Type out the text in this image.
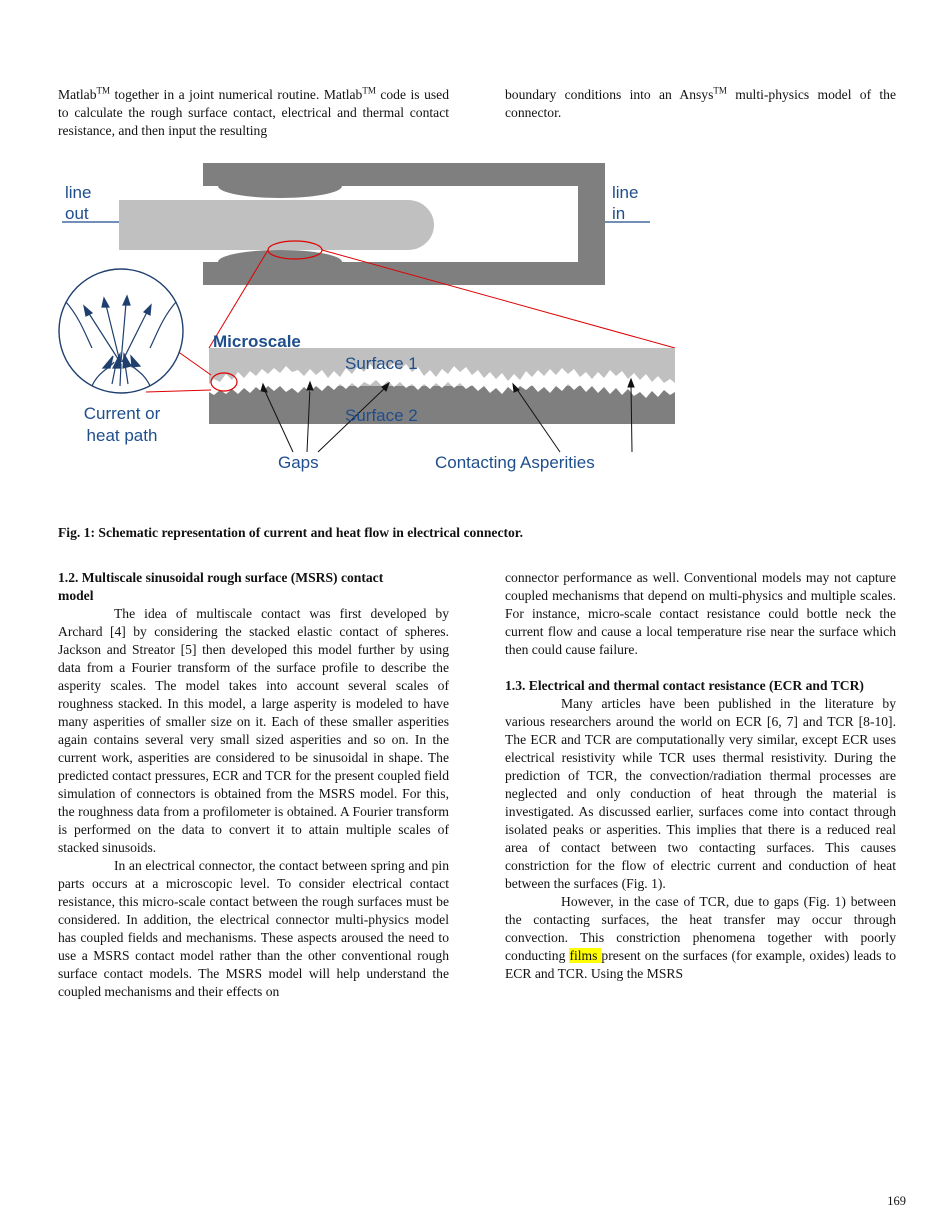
Matlab™ together in a joint numerical routine. Matlab™ code is used to calculate the rough surface contact, electrical and thermal contact resistance, and then input the resulting

boundary conditions into an Ansys™ multi-physics model of the connector.

line
out
line
in
Microscale
Surface 1
Surface 2
Current or
heat path
Gaps	Contacting Asperities
Fig. 1: Schematic representation of current and heat flow in electrical connector.

1.2. Multiscale sinusoidal rough surface (MSRS) contact
model

The idea of multiscale contact was first developed by Archard [4] by considering the stacked elastic contact of spheres. Jackson and Streator [5] then developed this model further by using data from a Fourier transform of the surface profile to describe the asperity scales. The model takes into account several scales of roughness stacked. In this model, a large asperity is modeled to have many asperities of smaller size on it. Each of these smaller asperities again contains several very small sized asperities and so on. In the current work, asperities are considered to be sinusoidal in shape. The predicted contact pressures, ECR and TCR for the present coupled field simulation of connectors is obtained from the MSRS model. For this, the roughness data from a profilometer is obtained. A Fourier transform is performed on the data to convert it to attain multiple scales of stacked sinusoids.

In an electrical connector, the contact between spring and pin parts occurs at a microscopic level. To consider electrical contact resistance, this micro-scale contact between the rough surfaces must be considered. In addition, the electrical connector multi-physics model has coupled fields and mechanisms. These aspects aroused the need to use a MSRS contact model rather than the other conventional rough surface contact models. The MSRS model will help understand the coupled mechanisms and their effects on

connector performance as well. Conventional models may not capture coupled mechanisms that depend on multi-physics and multiple scales. For instance, micro-scale contact resistance could bottle neck the current flow and cause a local temperature rise near the surface which then could cause failure.

1.3. Electrical and thermal contact resistance (ECR and TCR)

Many articles have been published in the literature by various researchers around the world on ECR [6, 7] and TCR [8-10]. The ECR and TCR are computationally very similar, except ECR uses electrical resistivity while TCR uses thermal resistivity. During the prediction of TCR, the convection/radiation thermal processes are neglected and only conduction of heat through the material is investigated. As discussed earlier, surfaces come into contact through isolated peaks or asperities. This implies that there is a reduced real area of contact between two contacting surfaces. This causes constriction for the flow of electric current and conduction of heat between the surfaces (Fig. 1).

However, in the case of TCR, due to gaps (Fig. 1) between the contacting surfaces, the heat transfer may occur through convection. This constriction phenomena together with poorly conducting films present on the surfaces (for example, oxides) leads to ECR and TCR. Using the MSRS

169
